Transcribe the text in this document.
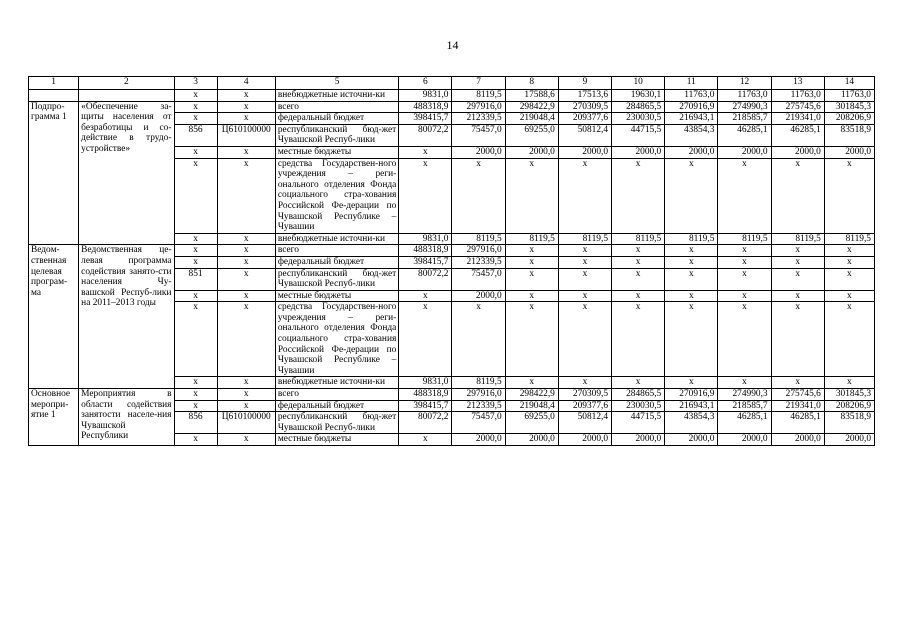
14
1	2	3	4	5	6	7	8	9	10	11	12	13	14
		x	x	внебюджетные источни-ки	9831,0	8119,5	17588,6	17513,6	19630,1	11763,0	11763,0	11763,0	11763,0
Подпро-грамма 1	«Обеспечение за-щиты населения от безработицы и со-действие в трудо-устройстве»	x	x	всего	488318,9	297916,0	298422,9	270309,5	284865,5	270916,9	274990,3	275745,6	301845,3
		x	x	федеральный бюджет	398415,7	212339,5	219048,4	209377,6	230030,5	216943,1	218585,7	219341,0	208206,9
		856	Ц610100000	республиканский бюд-жет Чувашской Респуб-лики	80072,2	75457,0	69255,0	50812,4	44715,5	43854,3	46285,1	46285,1	83518,9
		x	x	местные бюджеты	x	2000,0	2000,0	2000,0	2000,0	2000,0	2000,0	2000,0	2000,0
		x	x	средства Государствен-ного учреждения – реги-онального отделения Фонда социального стра-хования Российской Фе-дерации по Чувашской Республике – Чувашии	x	x	x	x	x	x	x	x	x
		x	x	внебюджетные источни-ки	9831,0	8119,5	8119,5	8119,5	8119,5	8119,5	8119,5	8119,5	8119,5
Ведом-ственная целевая програм-ма	Ведомственная це-левая программа содействия занято-сти населения Чу-вашской Респуб-лики на 2011–2013 годы	x	x	всего	488318,9	297916,0	x	x	x	x	x	x	x
		x	x	федеральный бюджет	398415,7	212339,5	x	x	x	x	x	x	x
		851	x	республиканский бюд-жет Чувашской Респуб-лики	80072,2	75457,0	x	x	x	x	x	x	x
		x	x	местные бюджеты	x	2000,0	x	x	x	x	x	x	x
		x	x	средства Государствен-ного учреждения – реги-онального отделения Фонда социального стра-хования Российской Фе-дерации по Чувашской Республике – Чувашии	x	x	x	x	x	x	x	x	x
		x	x	внебюджетные источни-ки	9831,0	8119,5	x	x	x	x	x	x	x
Основное меропри-ятие 1	Мероприятия в области содействия занятости населе-ния Чувашской Республики	x	x	всего	488318,9	297916,0	298422,9	270309,5	284865,5	270916,9	274990,3	275745,6	301845,3
		x	x	федеральный бюджет	398415,7	212339,5	219048,4	209377,6	230030,5	216943,1	218585,7	219341,0	208206,9
		856	Ц610100000	республиканский бюд-жет Чувашской Респуб-лики	80072,2	75457,0	69255,0	50812,4	44715,5	43854,3	46285,1	46285,1	83518,9
		x	x	местные бюджеты	x	2000,0	2000,0	2000,0	2000,0	2000,0	2000,0	2000,0	2000,0
